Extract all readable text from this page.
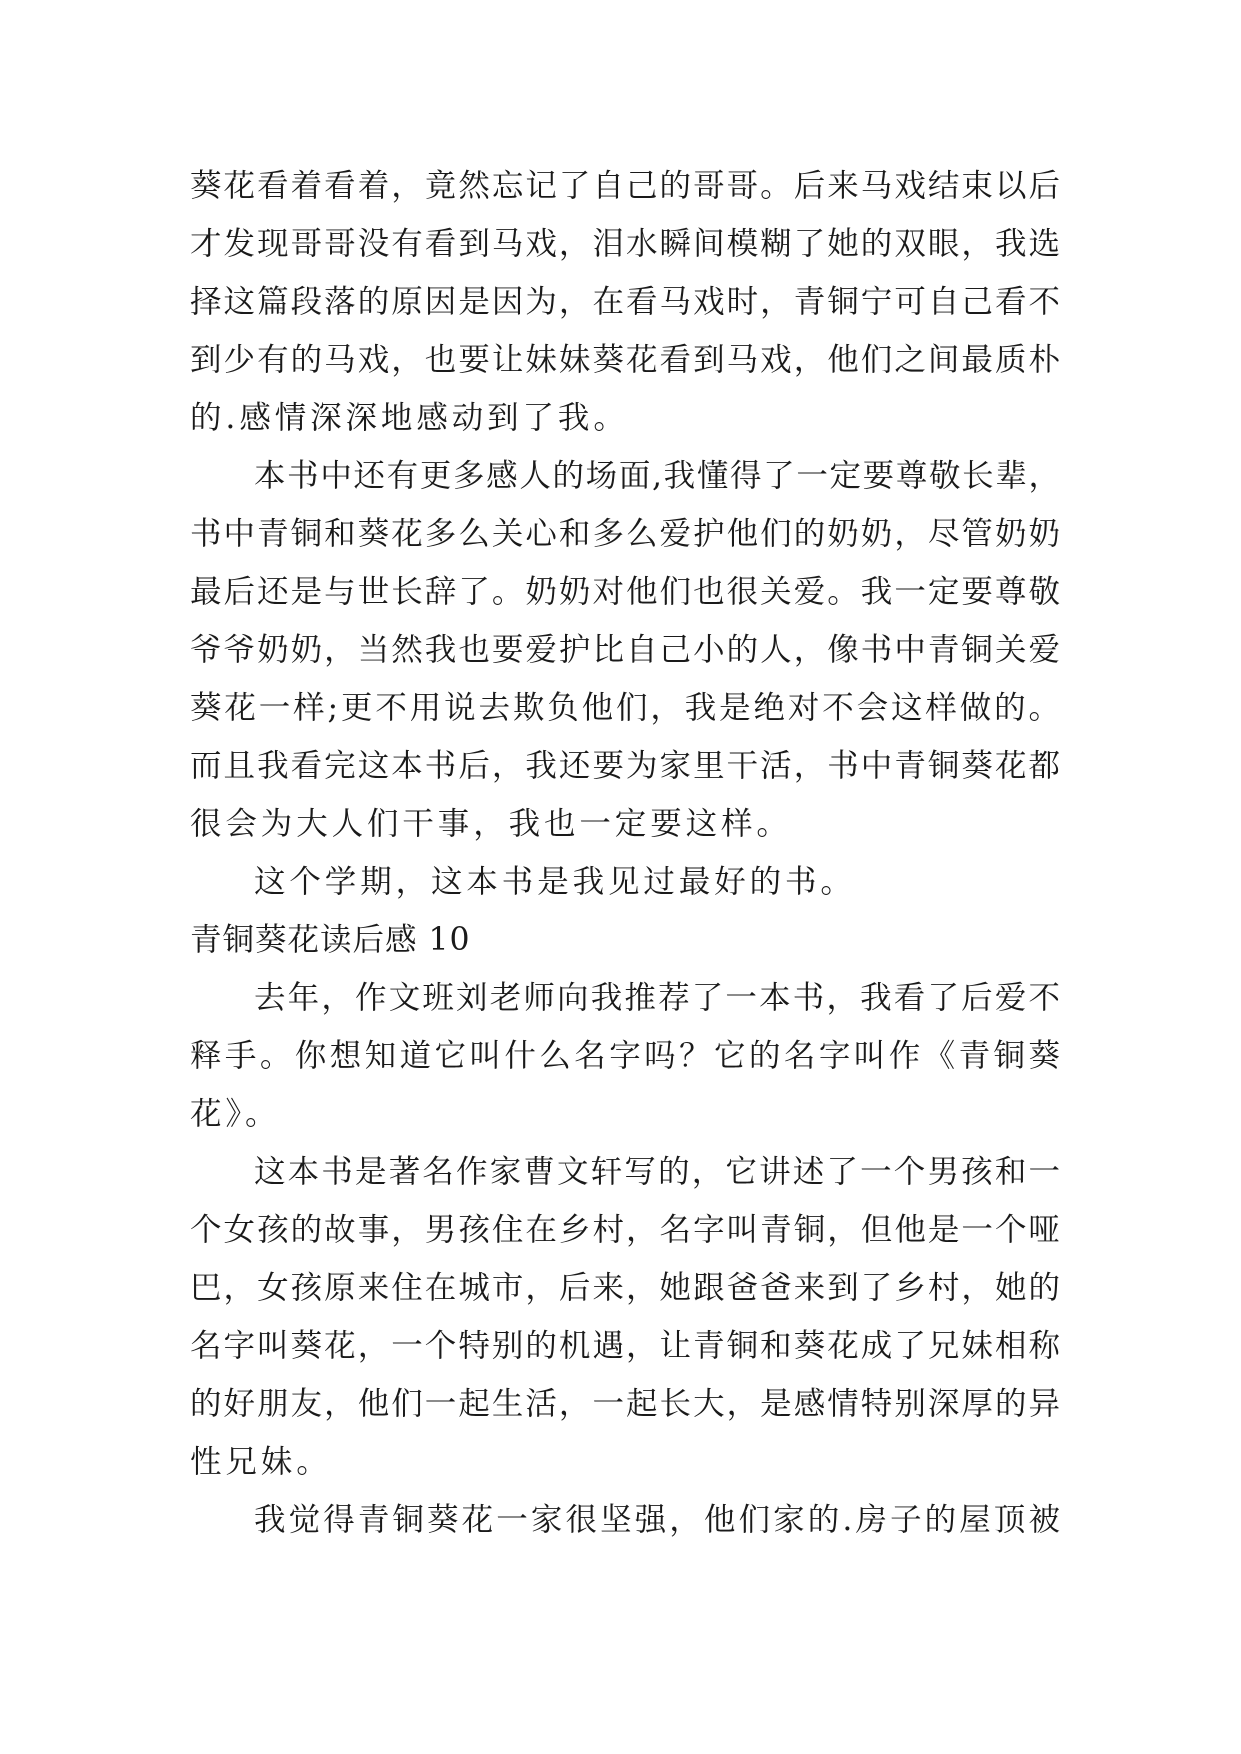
葵花看着看着，竟然忘记了自己的哥哥。后来马戏结束以后
才发现哥哥没有看到马戏，泪水瞬间模糊了她的双眼，我选
择这篇段落的原因是因为，在看马戏时，青铜宁可自己看不
到少有的马戏，也要让妹妹葵花看到马戏，他们之间最质朴
的.感情深深地感动到了我。
本书中还有更多感人的场面,我懂得了一定要尊敬长辈，
书中青铜和葵花多么关心和多么爱护他们的奶奶，尽管奶奶
最后还是与世长辞了。奶奶对他们也很关爱。我一定要尊敬
爷爷奶奶，当然我也要爱护比自己小的人，像书中青铜关爱
葵花一样;更不用说去欺负他们，我是绝对不会这样做的。
而且我看完这本书后，我还要为家里干活，书中青铜葵花都
很会为大人们干事，我也一定要这样。
这个学期，这本书是我见过最好的书。
青铜葵花读后感 10
去年，作文班刘老师向我推荐了一本书，我看了后爱不
释手。你想知道它叫什么名字吗？它的名字叫作《青铜葵
花》。
这本书是著名作家曹文轩写的，它讲述了一个男孩和一
个女孩的故事，男孩住在乡村，名字叫青铜，但他是一个哑
巴，女孩原来住在城市，后来，她跟爸爸来到了乡村，她的
名字叫葵花，一个特别的机遇，让青铜和葵花成了兄妹相称
的好朋友，他们一起生活，一起长大，是感情特别深厚的异
性兄妹。
我觉得青铜葵花一家很坚强，他们家的.房子的屋顶被
